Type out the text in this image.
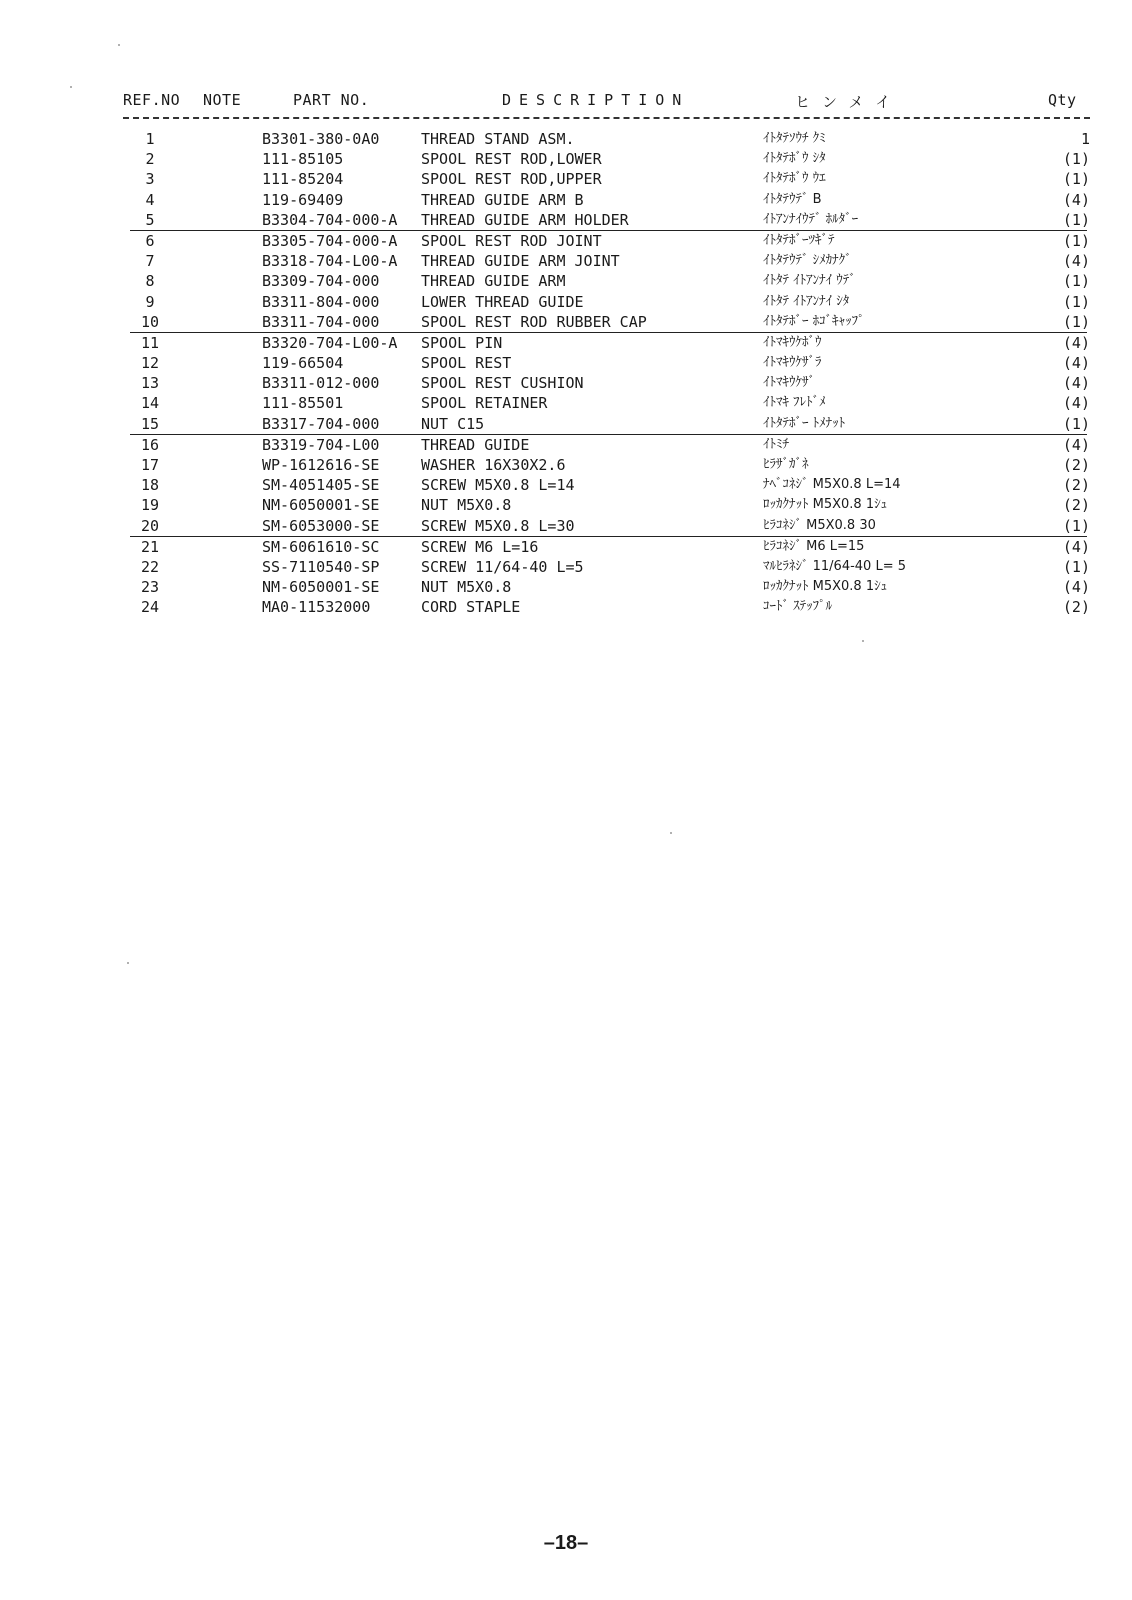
REF.NO NOTE	PART NO.	DESCRIPTION	ヒンメイ	Qty
1	B3301-380-0A0	THREAD STAND ASM.	ｲﾄﾀﾃｿｳﾁ ｸﾐ	1
2	111-85105	SPOOL REST ROD,LOWER	ｲﾄﾀﾃﾎﾞｳ ｼﾀ	(1)
3	111-85204	SPOOL REST ROD,UPPER	ｲﾄﾀﾃﾎﾞｳ ｳｴ	(1)
4	119-69409	THREAD GUIDE ARM B	ｲﾄﾀﾃｳﾃﾞ B	(4)
5	B3304-704-000-A THREAD GUIDE ARM HOLDER	ｲﾄｱﾝﾅｲｳﾃﾞ ﾎﾙﾀﾞｰ	(1)
6	B3305-704-000-A SPOOL REST ROD JOINT	ｲﾄﾀﾃﾎﾞｰﾂｷﾞﾃ	(1)
7	B3318-704-L00-A THREAD GUIDE ARM JOINT	ｲﾄﾀﾃｳﾃﾞ ｼﾒｶﾅｸﾞ	(4)
8	B3309-704-000	THREAD GUIDE ARM	ｲﾄﾀﾃ ｲﾄｱﾝﾅｲ ｳﾃﾞ	(1)
9	B3311-804-000	LOWER THREAD GUIDE	ｲﾄﾀﾃ ｲﾄｱﾝﾅｲ ｼﾀ	(1)
10	B3311-704-000	SPOOL REST ROD RUBBER CAP	ｲﾄﾀﾃﾎﾞｰ ﾎｺﾞｷｬｯﾌﾟ	(1)
11	B3320-704-L00-A SPOOL PIN	ｲﾄﾏｷｳｹﾎﾞｳ	(4)
12	119-66504	SPOOL REST	ｲﾄﾏｷｳｹｻﾞﾗ	(4)
13	B3311-012-000	SPOOL REST CUSHION	ｲﾄﾏｷｳｹｻﾞ	(4)
14	111-85501	SPOOL RETAINER	ｲﾄﾏｷ ﾌﾚﾄﾞﾒ	(4)
15	B3317-704-000	NUT C15	ｲﾄﾀﾃﾎﾞｰ ﾄﾒﾅｯﾄ	(1)
16	B3319-704-L00	THREAD GUIDE	ｲﾄﾐﾁ	(4)
17	WP-1612616-SE	WASHER 16X30X2.6	ﾋﾗｻﾞｶﾞﾈ	(2)
18	SM-4051405-SE	SCREW M5X0.8 L=14	ﾅﾍﾞｺﾈｼﾞ M5X0.8 L=14	(2)
19	NM-6050001-SE	NUT M5X0.8	ﾛｯｶｸﾅｯﾄ M5X0.8 1ｼｭ	(2)
20	SM-6053000-SE	SCREW M5X0.8 L=30	ﾋﾗｺﾈｼﾞ M5X0.8 30	(1)
21	SM-6061610-SC	SCREW M6 L=16	ﾋﾗｺﾈｼﾞ M6 L=15	(4)
22	SS-7110540-SP	SCREW 11/64-40 L=5	ﾏﾙﾋﾗﾈｼﾞ 11/64-40 L= 5	(1)
23	NM-6050001-SE	NUT M5X0.8	ﾛｯｶｸﾅｯﾄ M5X0.8 1ｼｭ	(4)
24	MA0-11532000	CORD STAPLE	ｺｰﾄﾞ ｽﾃｯﾌﾟﾙ	(2)
–18–
